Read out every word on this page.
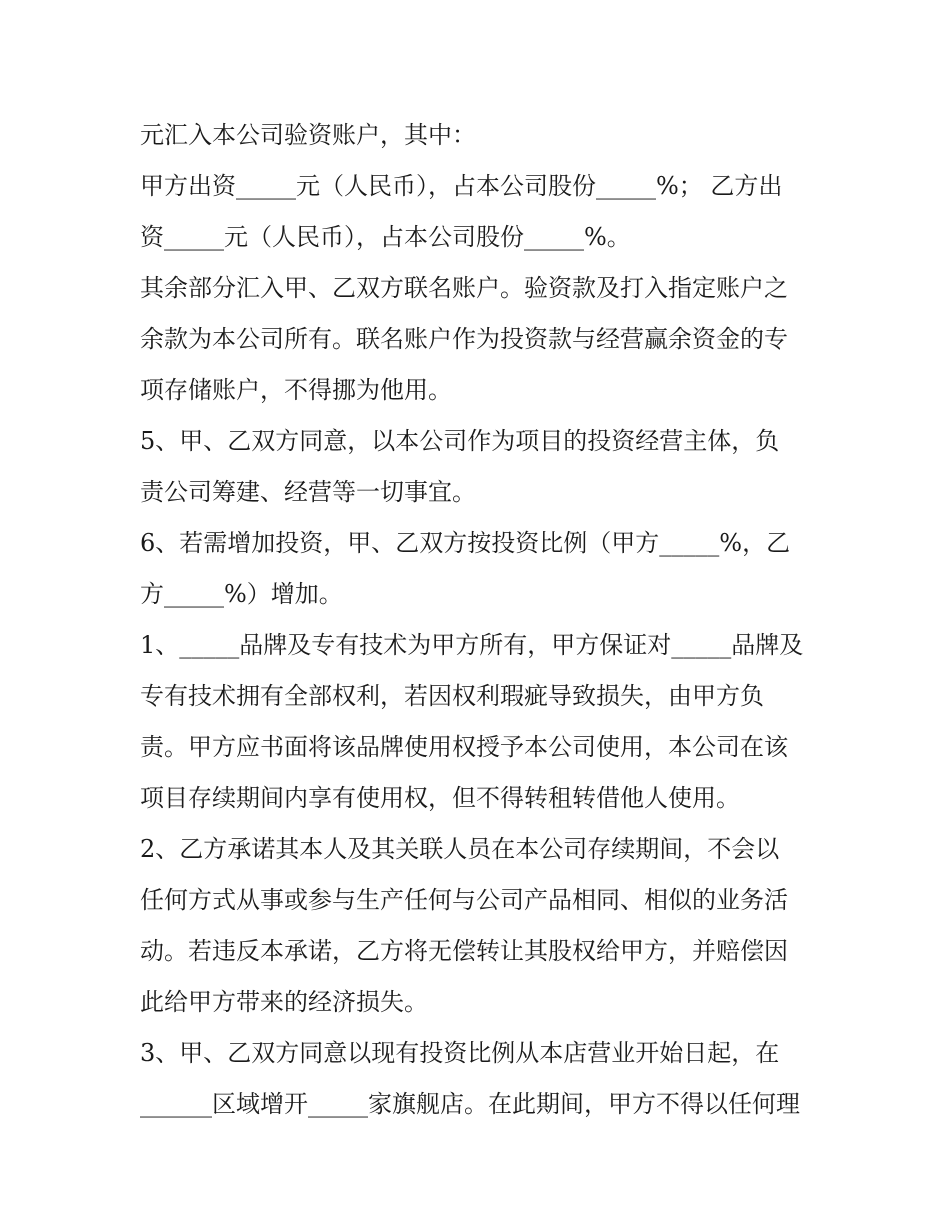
元汇入本公司验资账户，其中：
甲方出资_____元（人民币），占本公司股份_____%； 乙方出
资_____元（人民币），占本公司股份_____%。
其余部分汇入甲、乙双方联名账户。验资款及打入指定账户之
余款为本公司所有。联名账户作为投资款与经营赢余资金的专
项存储账户，不得挪为他用。
5、甲、乙双方同意，以本公司作为项目的投资经营主体，负
责公司筹建、经营等一切事宜。
6、若需增加投资，甲、乙双方按投资比例（甲方_____%，乙
方_____%）增加。
1、_____品牌及专有技术为甲方所有，甲方保证对_____品牌及
专有技术拥有全部权利，若因权利瑕疵导致损失，由甲方负
责。甲方应书面将该品牌使用权授予本公司使用，本公司在该
项目存续期间内享有使用权，但不得转租转借他人使用。
2、乙方承诺其本人及其关联人员在本公司存续期间，不会以
任何方式从事或参与生产任何与公司产品相同、相似的业务活
动。若违反本承诺，乙方将无偿转让其股权给甲方，并赔偿因
此给甲方带来的经济损失。
3、甲、乙双方同意以现有投资比例从本店营业开始日起，在
______区域增开_____家旗舰店。在此期间，甲方不得以任何理
